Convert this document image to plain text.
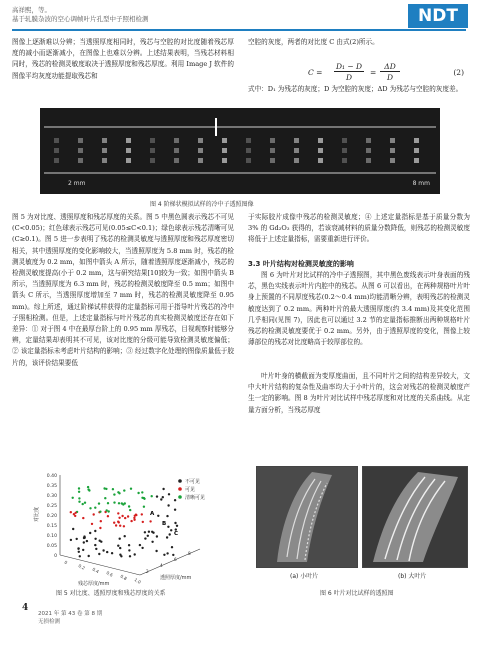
高祥熙，等。
基于轧膜杂波的空心调帧叶片孔型中子照相检测	NDT

图像上逐渐难以分辨；当透照厚度相同时，残芯与空腔的对比度随着残芯厚度的减小而逐渐减小，在图像上也难以分辨。上述结果表明，当残芯材料相同时，残芯的检测灵敏度取决于透照厚度和残芯厚度。利用 Image J 软件的图像平均灰度功能提取残芯和

空腔的灰度，两者的对比度 C 由式(2)所示。

C =
D₁ − D
D
=
ΔD
D
(2)

式中：D₁ 为残芯的灰度；D 为空腔的灰度；ΔD 为残芯与空腔的灰度差。

2 mm	8 mm
图 4 阶梯状模拟试样的冷中子透照图像

图 5 为对比度、透照厚度和残芯厚度的关系。图 5 中黑色圆表示残芯不可见(C<0.05)；红色球表示残芯可见(0.05≤C<0.1)；绿色球表示残芯清晰可见(C≥0.1)。图 5 进一步表明了残芯的检测灵敏度与透照厚度和残芯厚度密切相关，其中透照厚度的变化影响较大，当透照厚度为 5.8 mm 时，残芯的检测灵敏度为 0.2 mm，如图中箭头 A 所示，随着透照厚度逐渐减小，残芯的检测灵敏度提高(小于 0.2 mm，这与研究结果[10]较为一致；如图中箭头 B 所示，当透照厚度为 6.3 mm 时，残芯的检测灵敏度降至 0.5 mm；如图中箭头 C 所示，当透照厚度增加至 7 mm 时，残芯的检测灵敏度降至 0.95 mm)。综上所述，通过阶梯试样获得的定量指标可用于指导叶片残芯的冷中子照相检测。但是，上述定量指标与叶片残芯的真实检测灵敏度还存在如下差异：① 对于图 4 中在最厚台阶上的 0.95 mm 厚残芯，目视观察时能够分辨，定量结果却表明其不可见，该对比度的分级可能导致检测灵敏度偏低；② 该定量指标未考虑叶片结构的影响；③ 经过数字化处理的图像质量低于胶片的，该评价结果要低

于实际胶片成像中残芯的检测灵敏度；④ 上述定量指标是基于质量分数为 3% 的 Gd₂O₃ 获得的，若该衰减材料的质量分数降低，则残芯的检测灵敏度将低于上述定量指标，需要重新进行评价。

3.3 叶片结构对检测灵敏度的影响

图 6 为叶片对比试样的冷中子透照图，其中黑色废线表示叶身表面的残芯，黑色实线表示叶片内腔中的残芯。从图 6 可以看出，在两种规格叶片叶身上预置的不同厚度残芯(0.2～0.4 mm)均能清晰分辨，表明残芯的检测灵敏度达到了 0.2 mm。两种叶片的最大透照厚度(约 3.4 mm)及其变化范围几乎相同(见图 7)，因此也可以通过 3.2 节的定量指标推断出两种规格叶片残芯的检测灵敏度要优于 0.2 mm。另外，由于透照厚度的变化，图像上较薄部位的残芯对比度略高于较厚部位的。

叶片叶身的横截面为变厚度曲面，且不同叶片之间的结构差异较大，文中大叶片结构的复杂性及曲率均大于小叶片的，这会对残芯的检测灵敏度产生一定的影响。图 8 为叶片对比试样中残芯厚度和对比度的关系曲线。从定量方面分析，当残芯厚度

0.40
0.35
0.30
0.25
0.20
0.15
0.10
0.05
0
0
0.2 0.4 0.6 0.8 1.0
2
4
6
8
对比度
残芯厚度/mm
透照厚度/mm
A
B
C
不可见
可见
清晰可见
图 5 对比度、透照厚度和残芯厚度的关系
(a) 小叶片	(b) 大叶片
图 6 叶片对比试样的透照图
4
2021 年 第 43 卷 第 8 期
无损检测
